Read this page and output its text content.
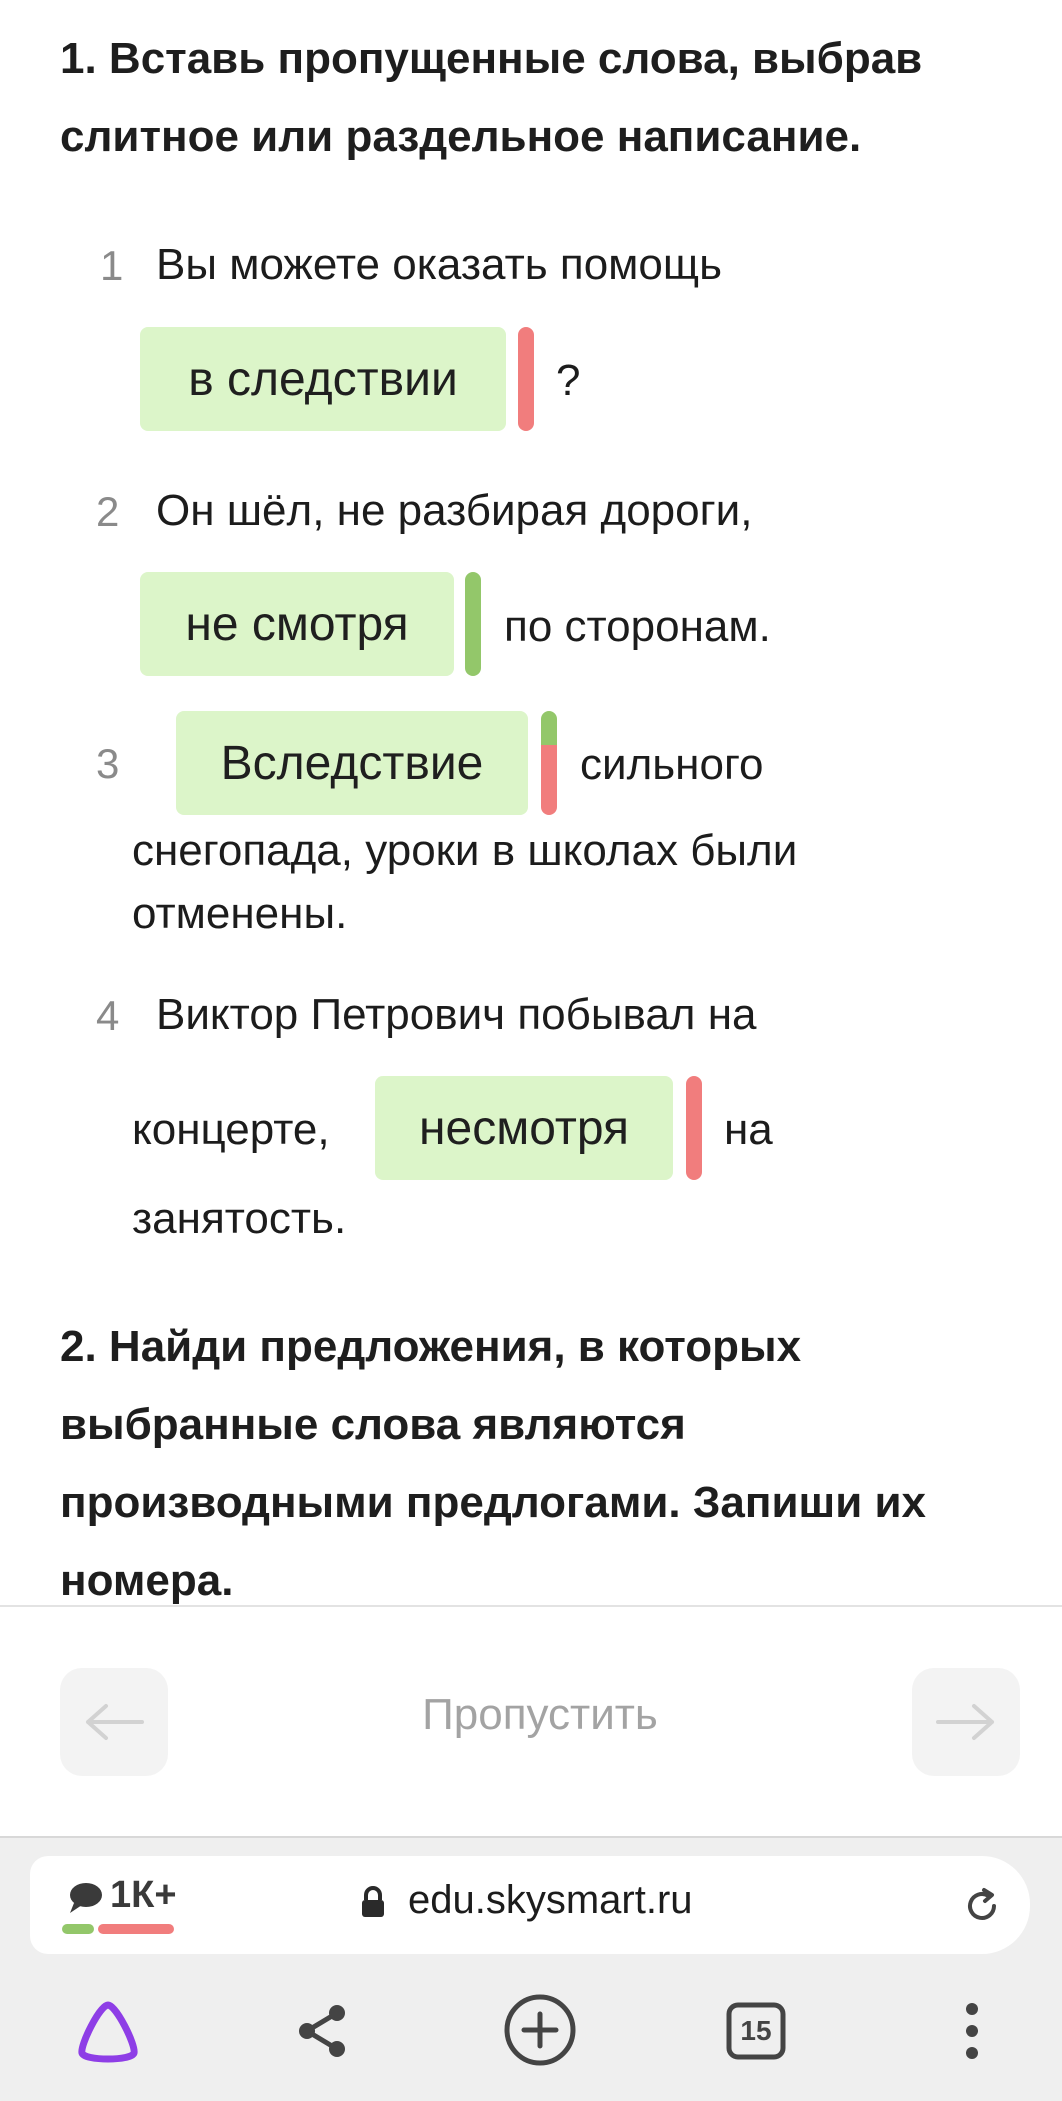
1. Вставь пропущенные слова, выбрав
слитное или раздельное написание.
1 Вы можете оказать помощь
в следствии ?
2 Он шёл, не разбирая дороги,
не смотря по сторонам.
3 Вследствие сильного
снегопада, уроки в школах были
отменены.
4 Виктор Петрович побывал на
концерте, несмотря на
занятость.
2. Найди предложения, в которых
выбранные слова являются
производными предлогами. Запиши их
номера.
Пропустить
1К+	edu.skysmart.ru
15
